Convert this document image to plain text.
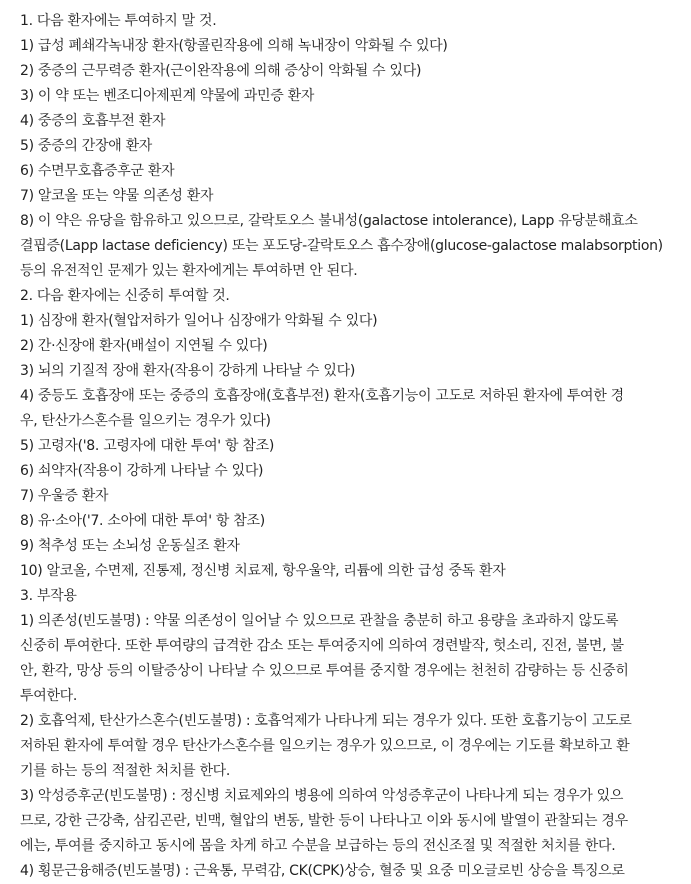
1. 다음 환자에는 투여하지 말 것.
1) 급성 폐쇄각녹내장 환자(항콜린작용에 의해 녹내장이 악화될 수 있다)
2) 중증의 근무력증 환자(근이완작용에 의해 증상이 악화될 수 있다)
3) 이 약 또는 벤조디아제핀계 약물에 과민증 환자
4) 중증의 호흡부전 환자
5) 중증의 간장애 환자
6) 수면무호흡증후군 환자
7) 알코올 또는 약물 의존성 환자
8) 이 약은 유당을 함유하고 있으므로, 갈락토오스 불내성(galactose intolerance), Lapp 유당분해효소
결핍증(Lapp lactase deficiency) 또는 포도당-갈락토오스 흡수장애(glucose-galactose malabsorption)
등의 유전적인 문제가 있는 환자에게는 투여하면 안 된다.
2. 다음 환자에는 신중히 투여할 것.
1) 심장애 환자(혈압저하가 일어나 심장애가 악화될 수 있다)
2) 간·신장애 환자(배설이 지연될 수 있다)
3) 뇌의 기질적 장애 환자(작용이 강하게 나타날 수 있다)
4) 중등도 호흡장애 또는 중증의 호흡장애(호흡부전) 환자(호흡기능이 고도로 저하된 환자에 투여한 경
우, 탄산가스혼수를 일으키는 경우가 있다)
5) 고령자('8. 고령자에 대한 투여' 항 참조)
6) 쇠약자(작용이 강하게 나타날 수 있다)
7) 우울증 환자
8) 유·소아('7. 소아에 대한 투여' 항 참조)
9) 척추성 또는 소뇌성 운동실조 환자
10) 알코올, 수면제, 진통제, 정신병 치료제, 항우울약, 리튬에 의한 급성 중독 환자
3. 부작용
1) 의존성(빈도불명) : 약물 의존성이 일어날 수 있으므로 관찰을 충분히 하고 용량을 초과하지 않도록
신중히 투여한다. 또한 투여량의 급격한 감소 또는 투여중지에 의하여 경련발작, 헛소리, 진전, 불면, 불
안, 환각, 망상 등의 이탈증상이 나타날 수 있으므로 투여를 중지할 경우에는 천천히 감량하는 등 신중히
투여한다.
2) 호흡억제, 탄산가스혼수(빈도불명) : 호흡억제가 나타나게 되는 경우가 있다. 또한 호흡기능이 고도로
저하된 환자에 투여할 경우 탄산가스혼수를 일으키는 경우가 있으므로, 이 경우에는 기도를 확보하고 환
기를 하는 등의 적절한 처치를 한다.
3) 악성증후군(빈도불명) : 정신병 치료제와의 병용에 의하여 악성증후군이 나타나게 되는 경우가 있으
므로, 강한 근강축, 삼킴곤란, 빈맥, 혈압의 변동, 발한 등이 나타나고 이와 동시에 발열이 관찰되는 경우
에는, 투여를 중지하고 동시에 몸을 차게 하고 수분을 보급하는 등의 전신조절 및 적절한 처치를 한다.
4) 횡문근융해증(빈도불명) : 근육통, 무력감, CK(CPK)상승, 혈중 및 요중 미오글로빈 상승을 특징으로
